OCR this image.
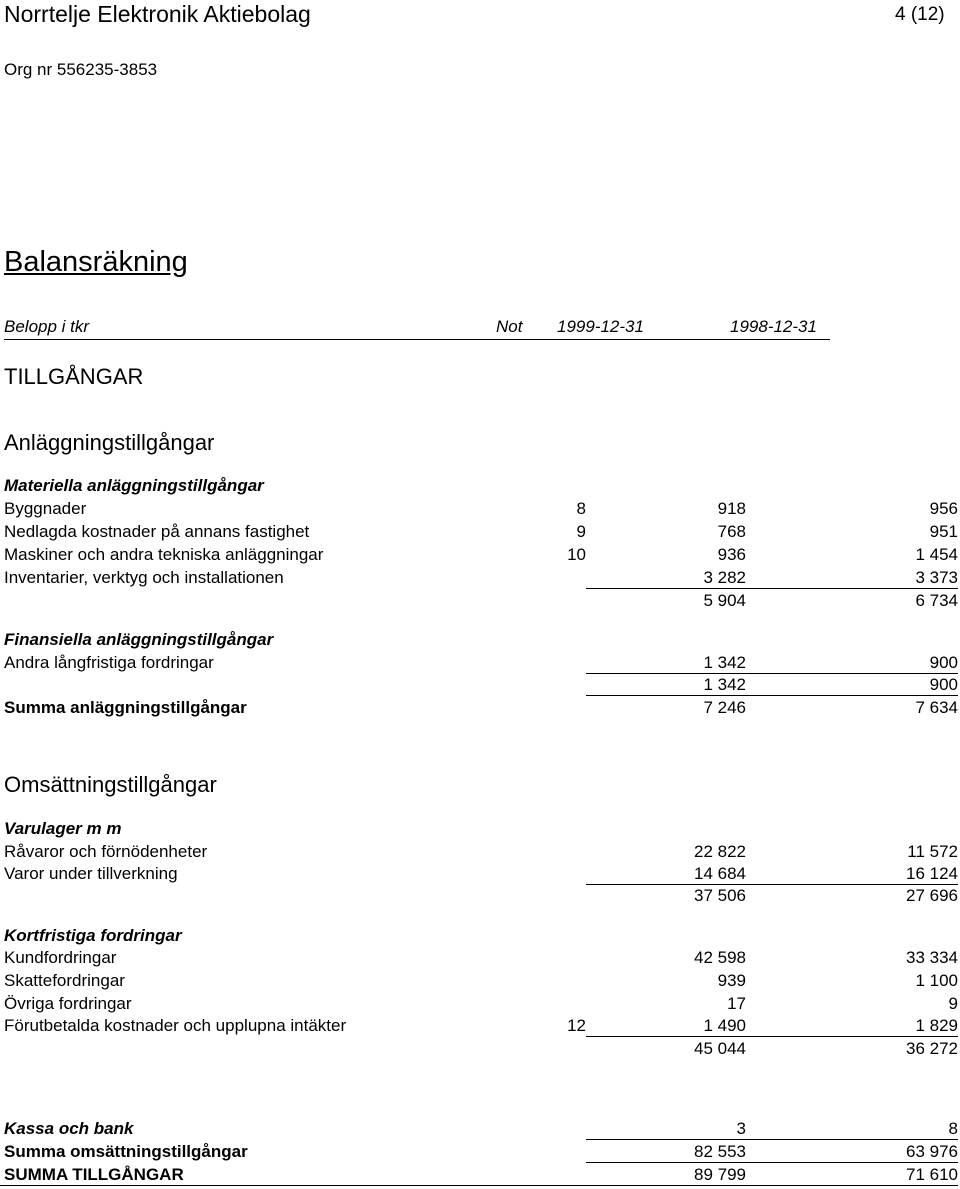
Norrtelje Elektronik Aktiebolag	4 (12)
Org nr 556235-3853
Balansräkning
Belopp i tkr	Not 1999-12-31	1998-12-31
TILLGÅNGAR
Anläggningstillgångar
Materiella anläggningstillgångar
Byggnader	8	918	956
Nedlagda kostnader på annans fastighet	9	768	951
Maskiner och andra tekniska anläggningar	10	936	1 454
Inventarier, verktyg och installationen	3 282	3 373
5 904	6 734
Finansiella anläggningstillgångar
Andra långfristiga fordringar	1 342	900
1 342	900
Summa anläggningstillgångar	7 246	7 634
Omsättningstillgångar
Varulager m m
Råvaror och förnödenheter	22 822	11 572
Varor under tillverkning	14 684	16 124
37 506	27 696
Kortfristiga fordringar
Kundfordringar	42 598	33 334
Skattefordringar	939	1 100
Övriga fordringar	17	9
Förutbetalda kostnader och upplupna intäkter	12	1 490	1 829
45 044	36 272
Kassa och bank	3	8
Summa omsättningstillgångar	82 553	63 976
SUMMA TILLGÅNGAR	89 799	71 610
